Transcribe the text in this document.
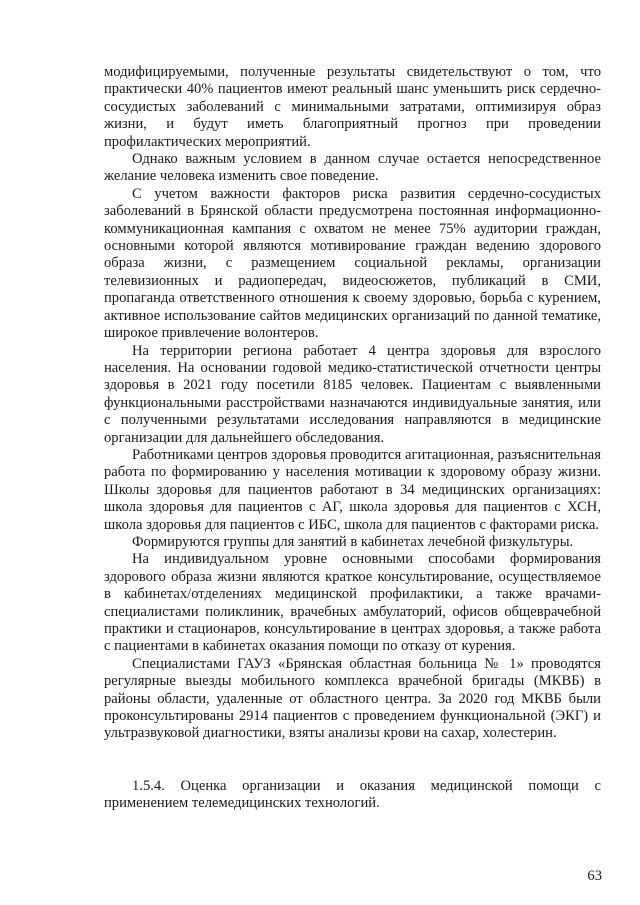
модифицируемыми, полученные результаты свидетельствуют о том, что практически 40% пациентов имеют реальный шанс уменьшить риск сердечно-сосудистых заболеваний с минимальными затратами, оптимизируя образ жизни, и будут иметь благоприятный прогноз при проведении профилактических мероприятий.

Однако важным условием в данном случае остается непосредственное желание человека изменить свое поведение.

С учетом важности факторов риска развития сердечно-сосудистых заболеваний в Брянской области предусмотрена постоянная информационно-коммуникационная кампания с охватом не менее 75% аудитории граждан, основными которой являются мотивирование граждан ведению здорового образа жизни, с размещением социальной рекламы, организации телевизионных и радиопередач, видеосюжетов, публикаций в СМИ, пропаганда ответственного отношения к своему здоровью, борьба с курением, активное использование сайтов медицинских организаций по данной тематике, широкое привлечение волонтеров.

На территории региона работает 4 центра здоровья для взрослого населения. На основании годовой медико-статистической отчетности центры здоровья в 2021 году посетили 8185 человек. Пациентам с выявленными функциональными расстройствами назначаются индивидуальные занятия, или с полученными результатами исследования направляются в медицинские организации для дальнейшего обследования.

Работниками центров здоровья проводится агитационная, разъяснительная работа по формированию у населения мотивации к здоровому образу жизни. Школы здоровья для пациентов работают в 34 медицинских организациях: школа здоровья для пациентов с АГ, школа здоровья для пациентов с ХСН, школа здоровья для пациентов с ИБС, школа для пациентов с факторами риска.

Формируются группы для занятий в кабинетах лечебной физкультуры.

На индивидуальном уровне основными способами формирования здорового образа жизни являются краткое консультирование, осуществляемое в кабинетах/отделениях медицинской профилактики, а также врачами-специалистами поликлиник, врачебных амбулаторий, офисов общеврачебной практики и стационаров, консультирование в центрах здоровья, а также работа с пациентами в кабинетах оказания помощи по отказу от курения.

Специалистами ГАУЗ «Брянская областная больница № 1» проводятся регулярные выезды мобильного комплекса врачебной бригады (МКВБ) в районы области, удаленные от областного центра. За 2020 год МКВБ были проконсультированы 2914 пациентов с проведением функциональной (ЭКГ) и ультразвуковой диагностики, взяты анализы крови на сахар, холестерин.

1.5.4. Оценка организации и оказания медицинской помощи с применением телемедицинских технологий.

63
